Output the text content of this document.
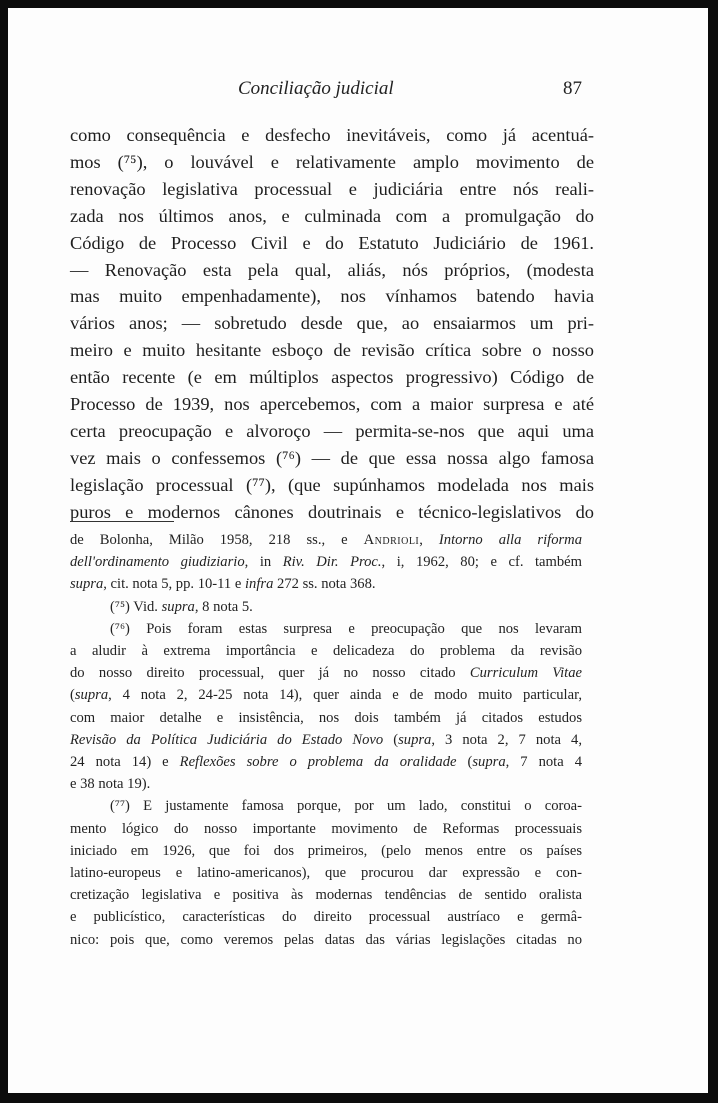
Conciliação judicial	87
como consequência e desfecho inevitáveis, como já acentuá-
mos (⁷⁵), o louvável e relativamente amplo movimento de
renovação legislativa processual e judiciária entre nós reali-
zada nos últimos anos, e culminada com a promulgação do
Código de Processo Civil e do Estatuto Judiciário de 1961.
— Renovação esta pela qual, aliás, nós próprios, (modesta
mas muito empenhadamente), nos vínhamos batendo havia
vários anos; — sobretudo desde que, ao ensaiarmos um pri-
meiro e muito hesitante esboço de revisão crítica sobre o nosso
então recente (e em múltiplos aspectos progressivo) Código de
Processo de 1939, nos apercebemos, com a maior surpresa e até
certa preocupação e alvoroço — permita-se-nos que aqui uma
vez mais o confessemos (⁷⁶) — de que essa nossa algo famosa
legislação processual (⁷⁷), (que supúnhamos modelada nos mais
puros e modernos cânones doutrinais e técnico-legislativos do
de Bolonha, Milão 1958, 218 ss., e Andrioli, Intorno alla riforma
dell'ordinamento giudiziario, in Riv. Dir. Proc., i, 1962, 80; e cf. também
supra, cit. nota 5, pp. 10-11 e infra 272 ss. nota 368.
(⁷⁵) Vid. supra, 8 nota 5.
(⁷⁶) Pois foram estas surpresa e preocupação que nos levaram
a aludir à extrema importância e delicadeza do problema da revisão
do nosso direito processual, quer já no nosso citado Curriculum Vitae
(supra, 4 nota 2, 24-25 nota 14), quer ainda e de modo muito particular,
com maior detalhe e insistência, nos dois também já citados estudos
Revisão da Política Judiciária do Estado Novo (supra, 3 nota 2, 7 nota 4,
24 nota 14) e Reflexões sobre o problema da oralidade (supra, 7 nota 4
e 38 nota 19).
(⁷⁷) E justamente famosa porque, por um lado, constitui o coroa-
mento lógico do nosso importante movimento de Reformas processuais
iniciado em 1926, que foi dos primeiros, (pelo menos entre os países
latino-europeus e latino-americanos), que procurou dar expressão e con-
cretização legislativa e positiva às modernas tendências de sentido oralista
e publicístico, características do direito processual austríaco e germâ-
nico: pois que, como veremos pelas datas das várias legislações citadas no
